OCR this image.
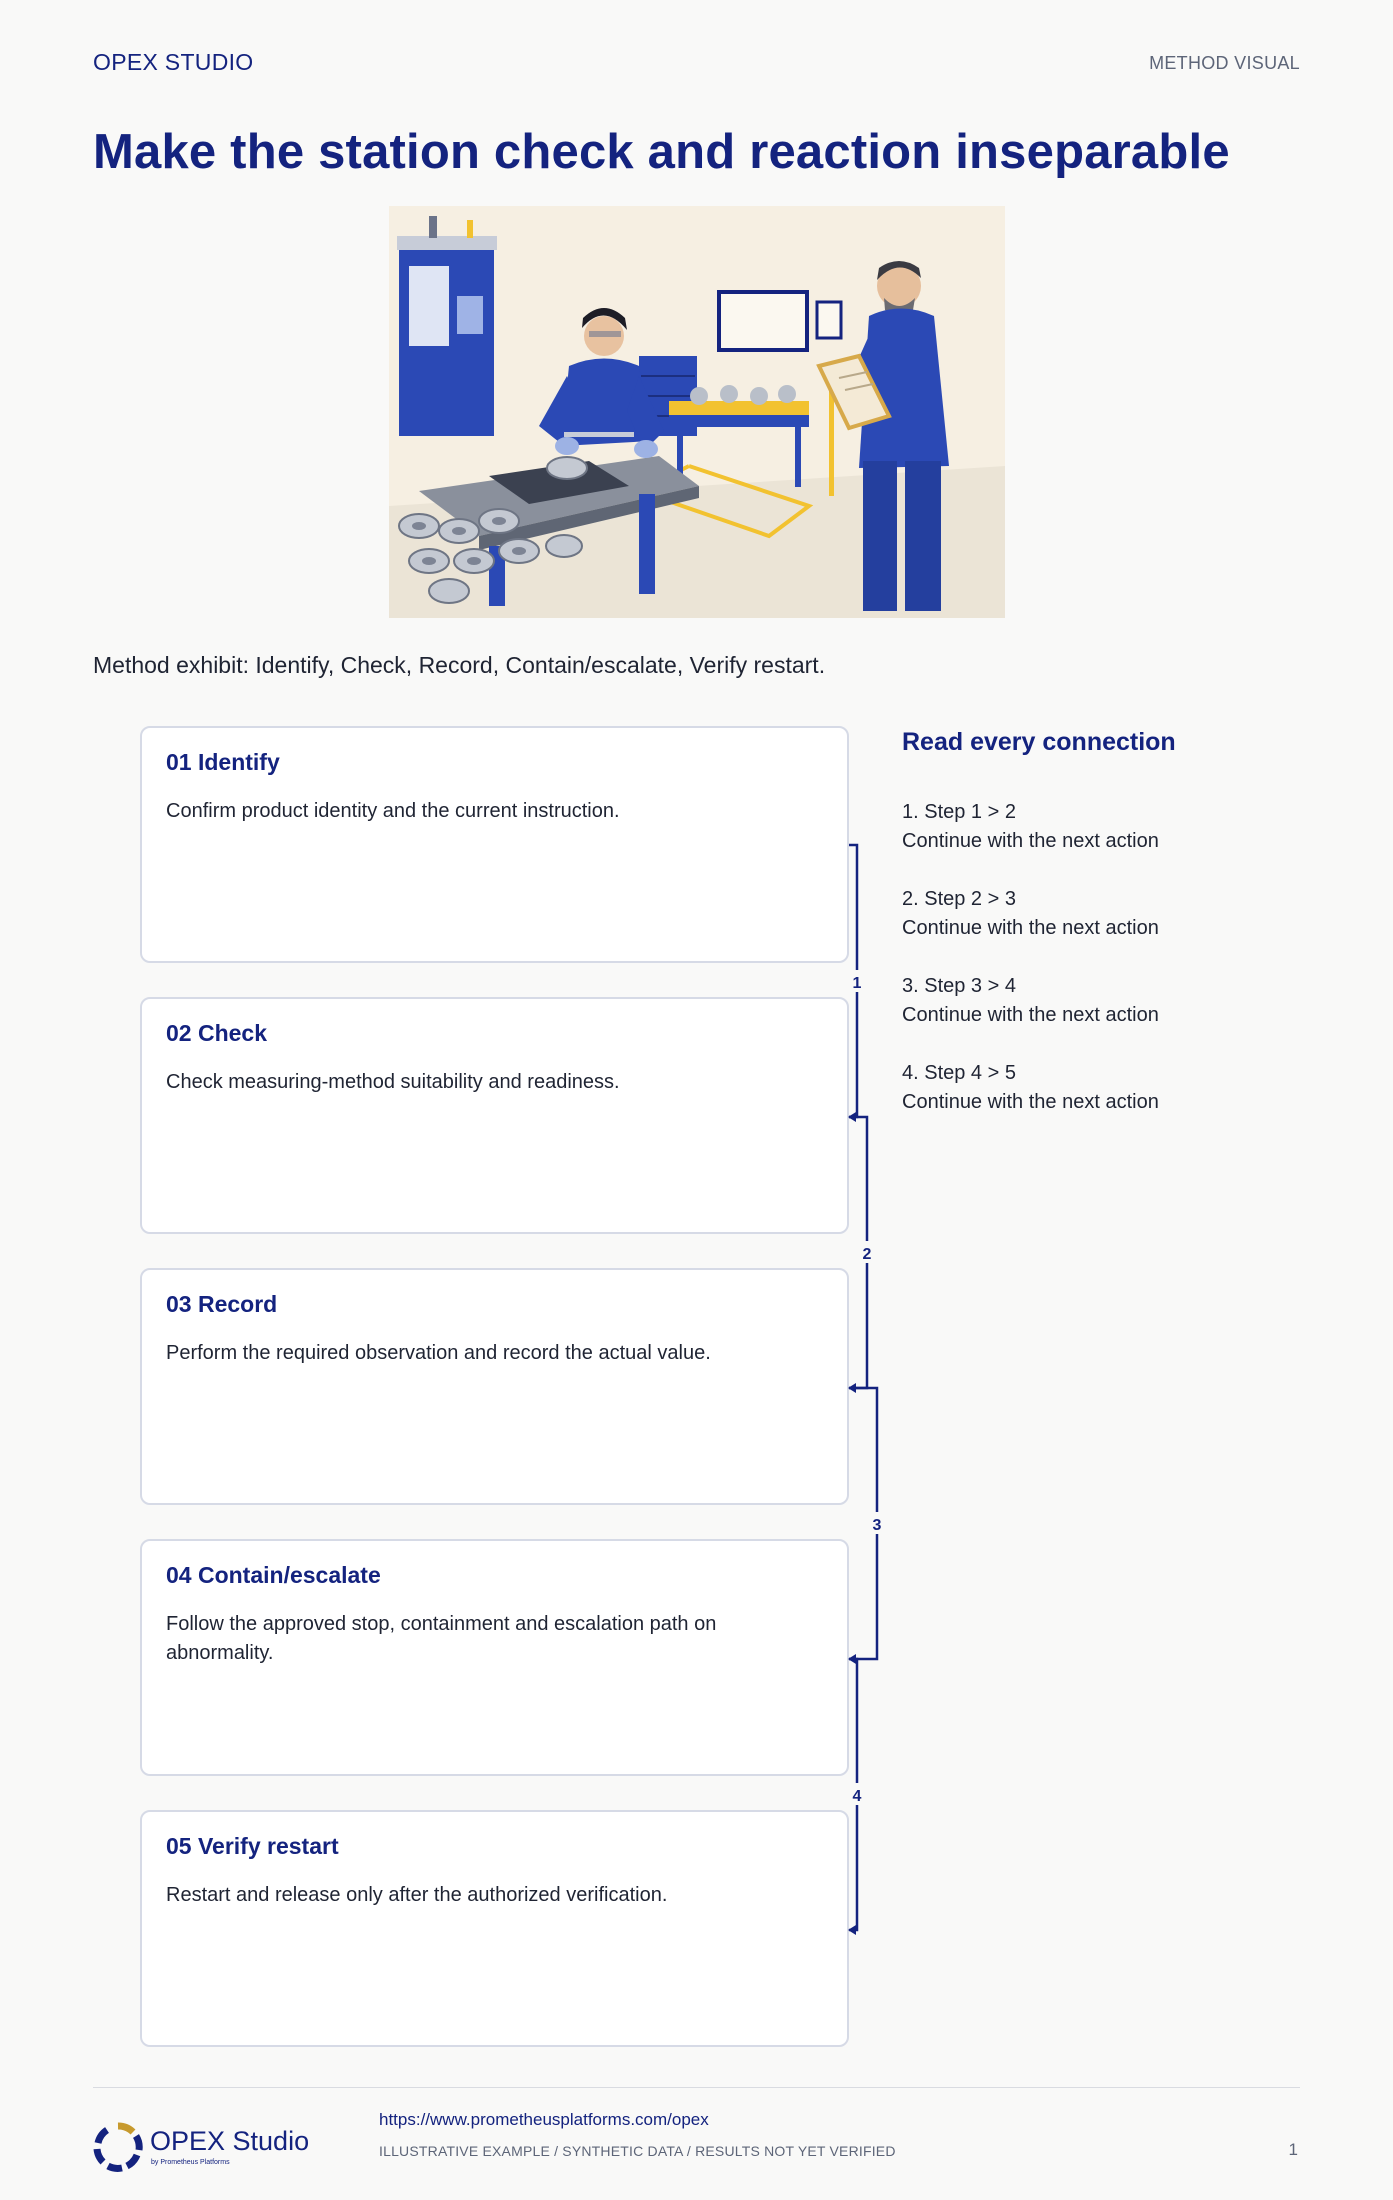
OPEX STUDIO	METHOD VISUAL
Make the station check and reaction inseparable
Method exhibit: Identify, Check, Record, Contain/escalate, Verify restart.
01 Identify
Confirm product identity and the current instruction.
02 Check
Check measuring-method suitability and readiness.
03 Record
Perform the required observation and record the actual value.
04 Contain/escalate
Follow the approved stop, containment and escalation path on abnormality.
05 Verify restart
Restart and release only after the authorized verification.
1
2
3
4
Read every connection
1. Step 1 > 2
Continue with the next action
2. Step 2 > 3
Continue with the next action
3. Step 3 > 4
Continue with the next action
4. Step 4 > 5
Continue with the next action
OPEX Studio
by Prometheus Platforms
https://www.prometheusplatforms.com/opex
ILLUSTRATIVE EXAMPLE / SYNTHETIC DATA / RESULTS NOT YET VERIFIED	1
